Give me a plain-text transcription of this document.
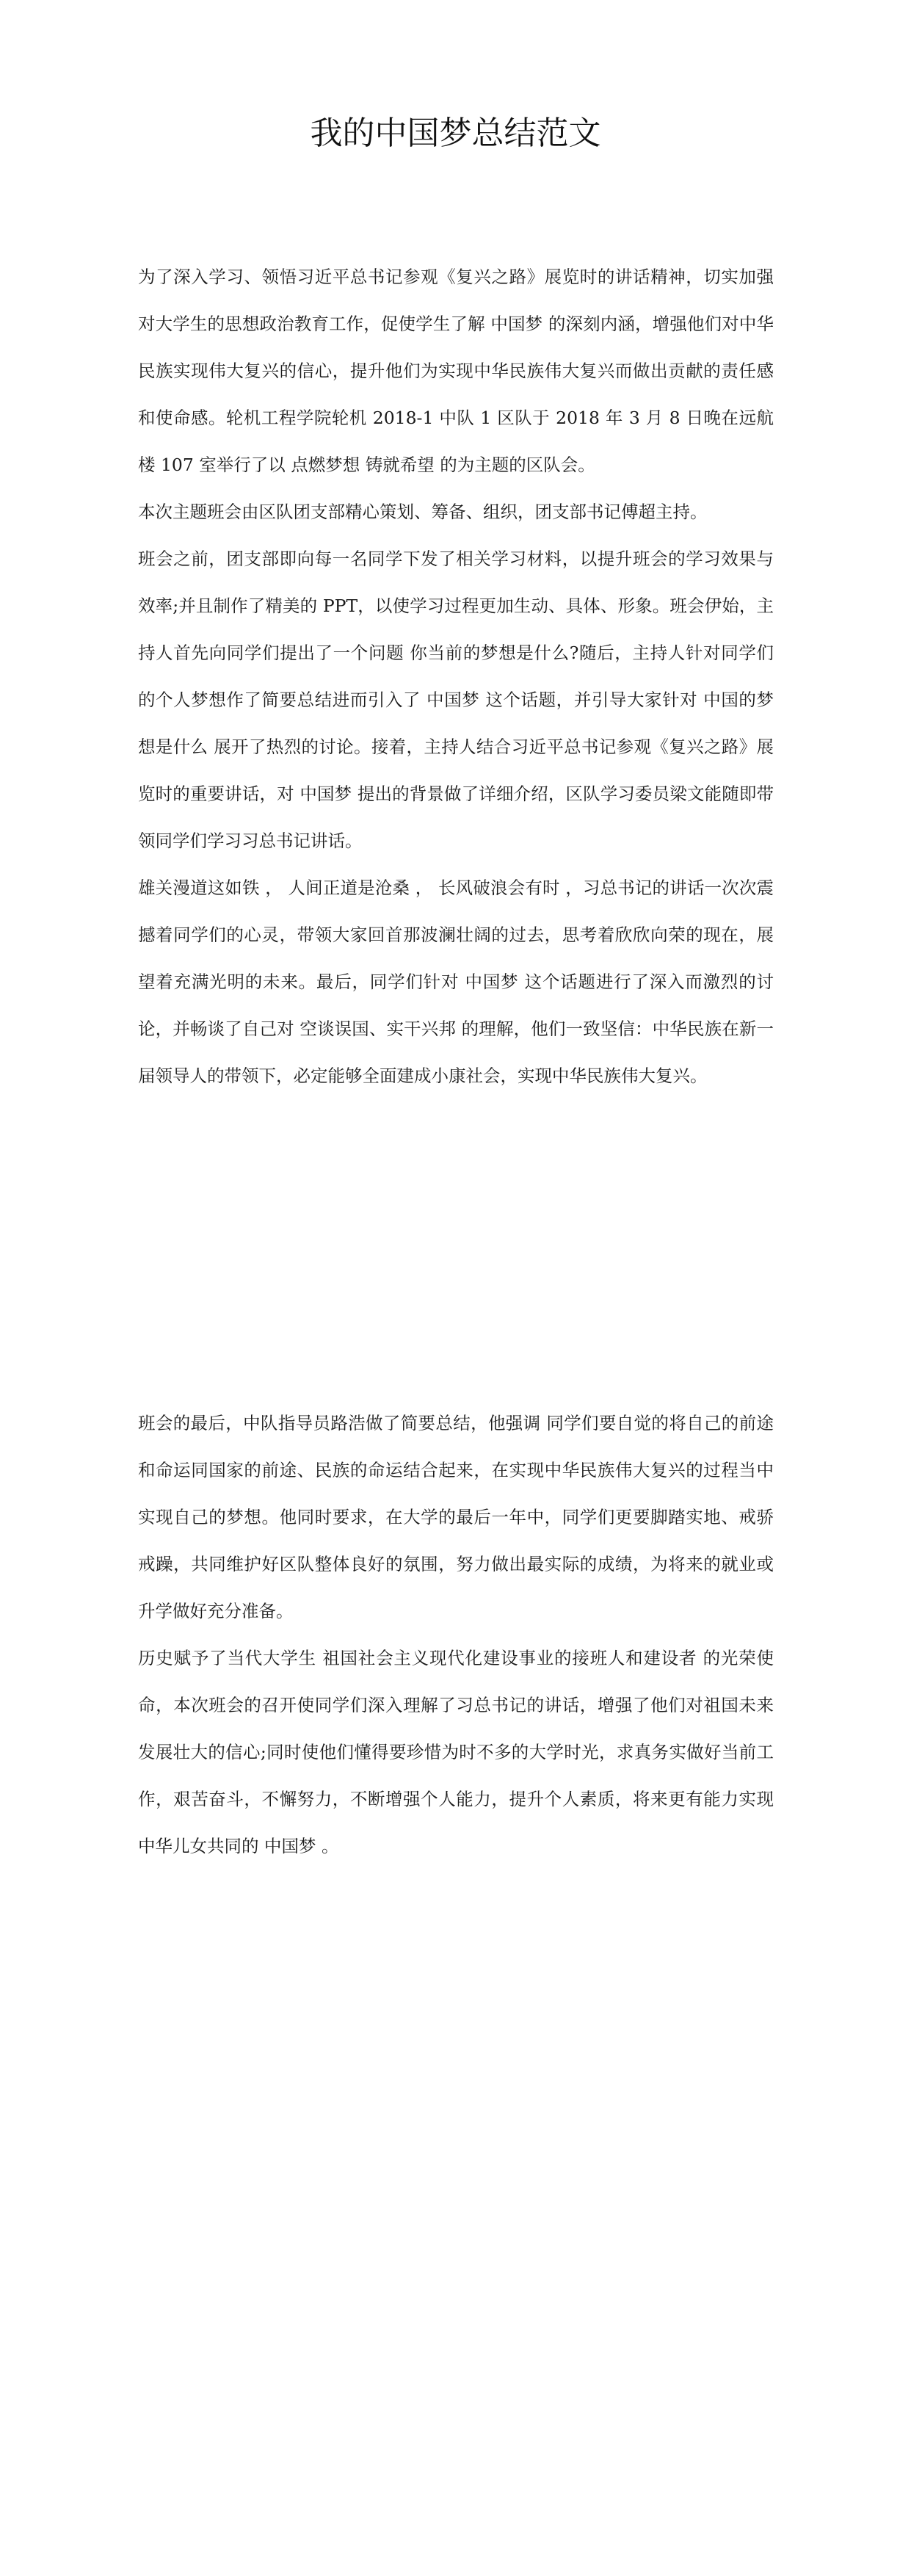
我的中国梦总结范文

为了深入学习、领悟习近平总书记参观《复兴之路》展览时的讲话精神，切实加强对大学生的思想政治教育工作，促使学生了解 中国梦 的深刻内涵，增强他们对中华民族实现伟大复兴的信心，提升他们为实现中华民族伟大复兴而做出贡献的责任感和使命感。轮机工程学院轮机 2018-1 中队 1 区队于 2018 年 3 月 8 日晚在远航楼 107 室举行了以 点燃梦想 铸就希望 的为主题的区队会。

本次主题班会由区队团支部精心策划、筹备、组织，团支部书记傅超主持。

班会之前，团支部即向每一名同学下发了相关学习材料，以提升班会的学习效果与效率;并且制作了精美的 PPT，以使学习过程更加生动、具体、形象。班会伊始，主持人首先向同学们提出了一个问题 你当前的梦想是什么?随后，主持人针对同学们的个人梦想作了简要总结进而引入了 中国梦 这个话题，并引导大家针对 中国的梦想是什么 展开了热烈的讨论。接着，主持人结合习近平总书记参观《复兴之路》展览时的重要讲话，对 中国梦 提出的背景做了详细介绍，区队学习委员梁文能随即带领同学们学习习总书记讲话。

雄关漫道这如铁 ， 人间正道是沧桑 ， 长风破浪会有时 ，习总书记的讲话一次次震撼着同学们的心灵，带领大家回首那波澜壮阔的过去，思考着欣欣向荣的现在，展望着充满光明的未来。最后，同学们针对 中国梦 这个话题进行了深入而激烈的讨论，并畅谈了自己对 空谈误国、实干兴邦 的理解，他们一致坚信：中华民族在新一届领导人的带领下，必定能够全面建成小康社会，实现中华民族伟大复兴。

班会的最后，中队指导员路浩做了简要总结，他强调 同学们要自觉的将自己的前途和命运同国家的前途、民族的命运结合起来，在实现中华民族伟大复兴的过程当中实现自己的梦想。他同时要求，在大学的最后一年中，同学们更要脚踏实地、戒骄戒躁，共同维护好区队整体良好的氛围，努力做出最实际的成绩，为将来的就业或升学做好充分准备。

历史赋予了当代大学生 祖国社会主义现代化建设事业的接班人和建设者 的光荣使命，本次班会的召开使同学们深入理解了习总书记的讲话，增强了他们对祖国未来发展壮大的信心;同时使他们懂得要珍惜为时不多的大学时光，求真务实做好当前工作，艰苦奋斗，不懈努力，不断增强个人能力，提升个人素质，将来更有能力实现中华儿女共同的 中国梦 。
